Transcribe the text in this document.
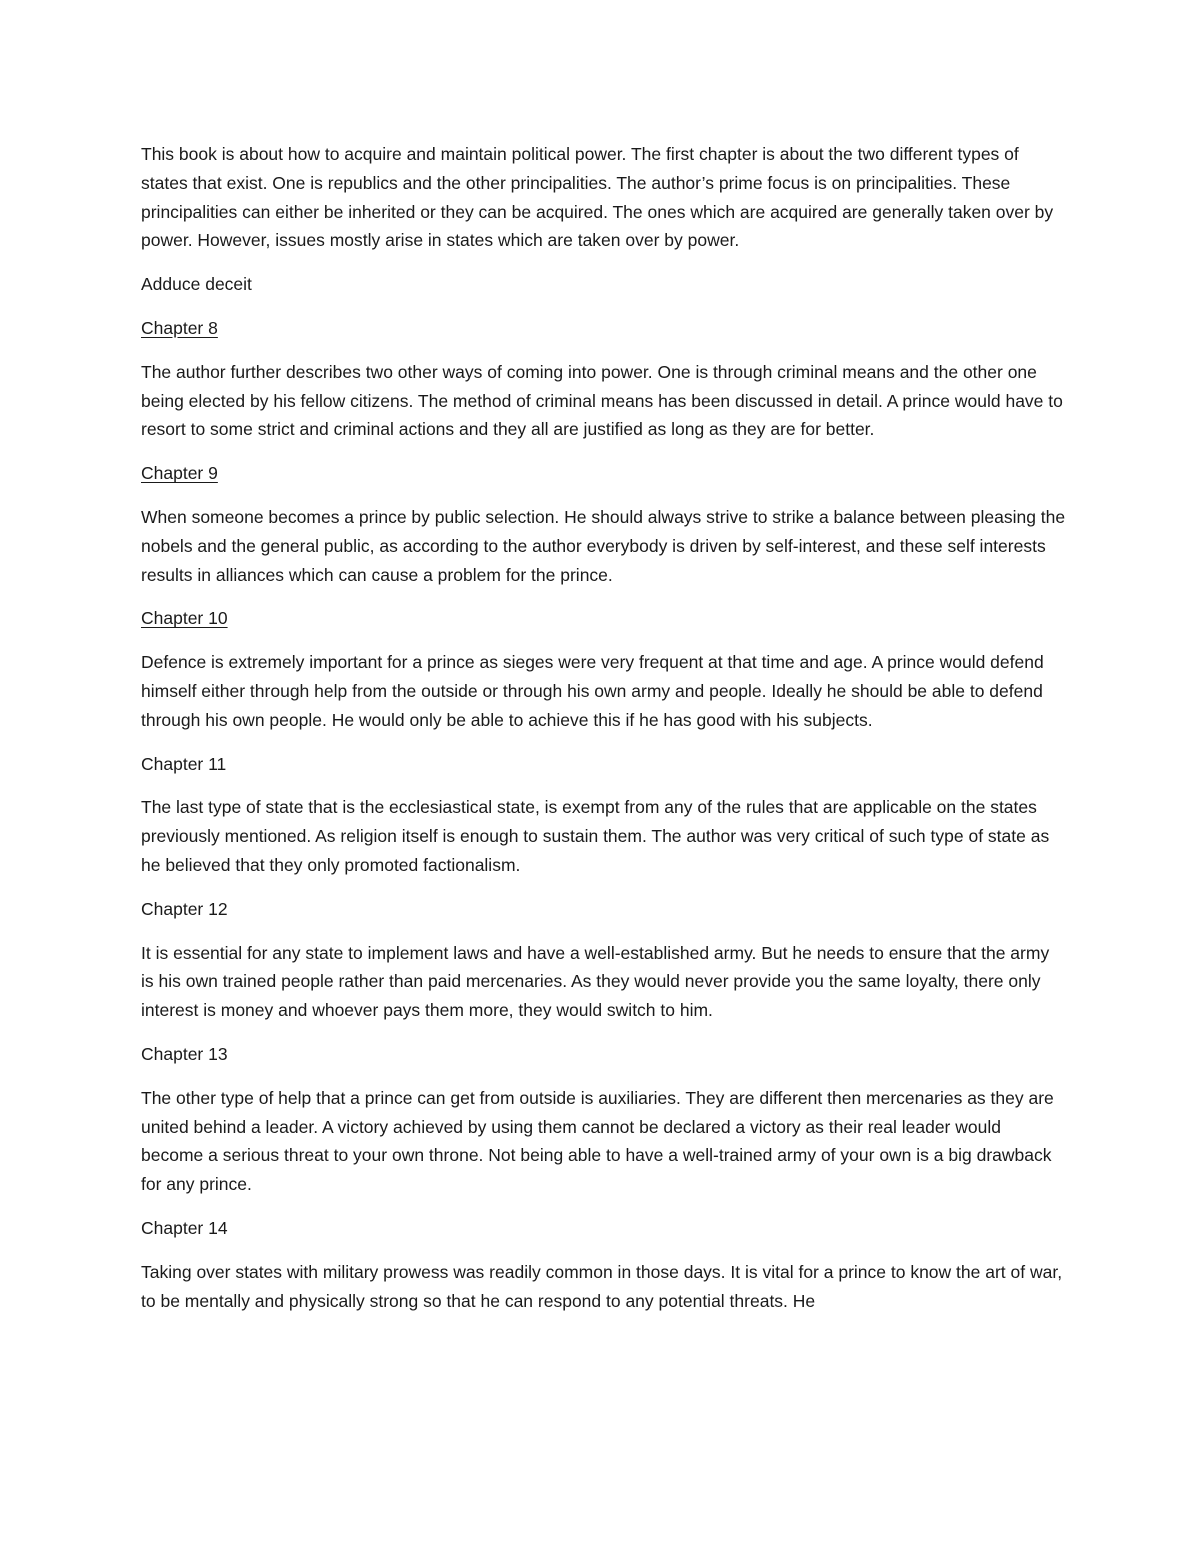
This book is about how to acquire and maintain political power. The first chapter is about the two different types of states that exist. One is republics and the other principalities. The author’s prime focus is on principalities. These principalities can either be inherited or they can be acquired. The ones which are acquired are generally taken over by power. However, issues mostly arise in states which are taken over by power.

Adduce deceit

Chapter 8

The author further describes two other ways of coming into power. One is through criminal means and the other one being elected by his fellow citizens. The method of criminal means has been discussed in detail. A prince would have to resort to some strict and criminal actions and they all are justified as long as they are for better.

Chapter 9

When someone becomes a prince by public selection. He should always strive to strike a balance between pleasing the nobels and the general public, as according to the author everybody is driven by self-interest, and these self interests results in alliances which can cause a problem for the prince.

Chapter 10

Defence is extremely important for a prince as sieges were very frequent at that time and age. A prince would defend himself either through help from the outside or through his own army and people. Ideally he should be able to defend through his own people. He would only be able to achieve this if he has good with his subjects.

Chapter 11

The last type of state that is the ecclesiastical state, is exempt from any of the rules that are applicable on the states previously mentioned. As religion itself is enough to sustain them. The author was very critical of such type of state as he believed that they only promoted factionalism.

Chapter 12

It is essential for any state to implement laws and have a well-established army. But he needs to ensure that the army is his own trained people rather than paid mercenaries. As they would never provide you the same loyalty, there only interest is money and whoever pays them more, they would switch to him.

Chapter 13

The other type of help that a prince can get from outside is auxiliaries. They are different then mercenaries as they are united behind a leader. A victory achieved by using them cannot be declared a victory as their real leader would become a serious threat to your own throne. Not being able to have a well-trained army of your own is a big drawback for any prince.

Chapter 14

Taking over states with military prowess was readily common in those days. It is vital for a prince to know the art of war, to be mentally and physically strong so that he can respond to any potential threats. He
